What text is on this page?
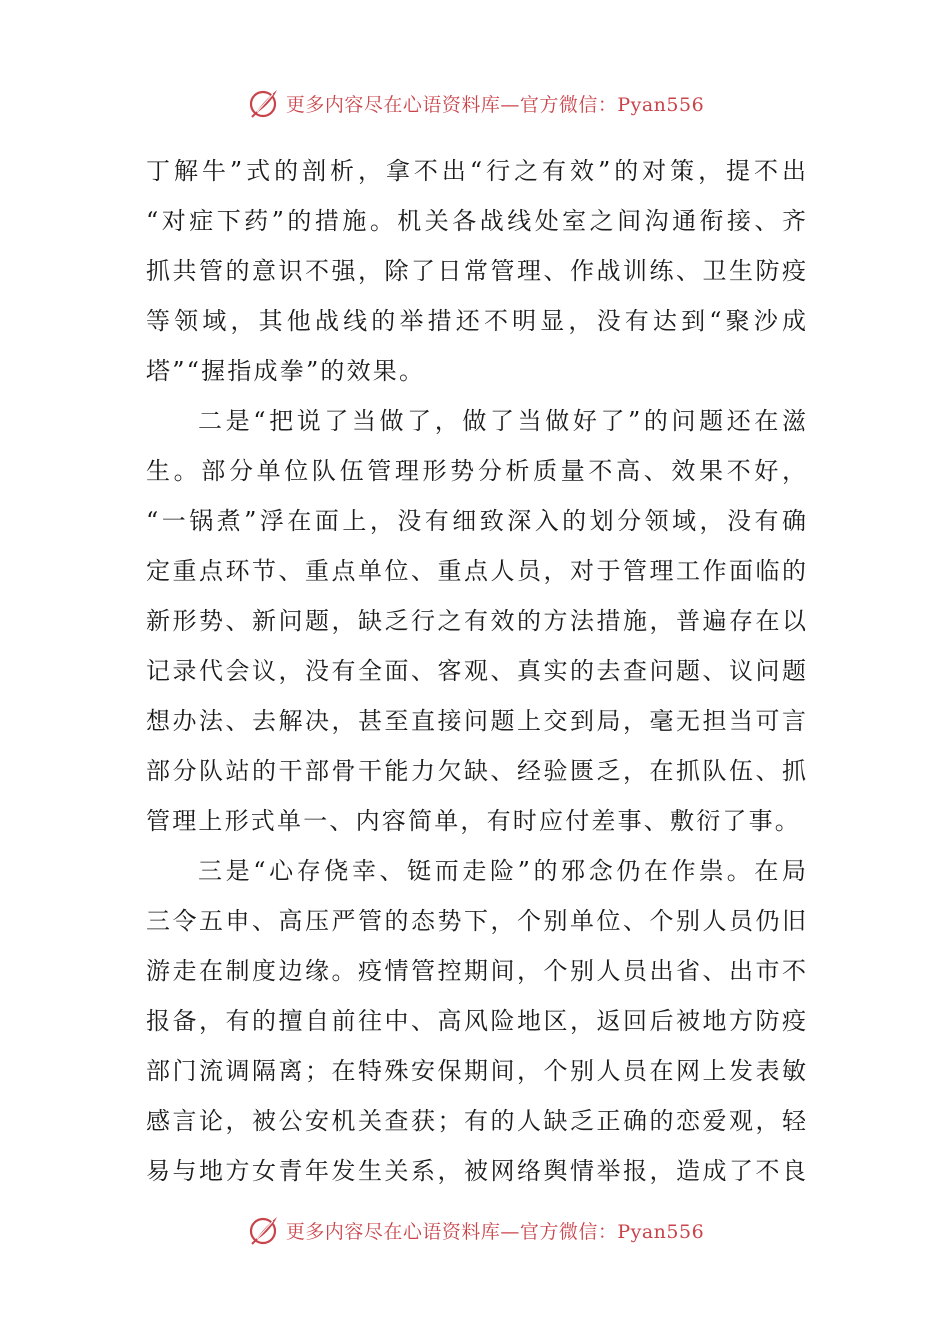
更多内容尽在心语资料库—官方微信：Pyan556
丁解牛”式的剖析，拿不出“行之有效”的对策，提不出
“对症下药”的措施。机关各战线处室之间沟通衔接、齐
抓共管的意识不强，除了日常管理、作战训练、卫生防疫
等领域，其他战线的举措还不明显，没有达到“聚沙成
塔”“握指成拳”的效果。
二是“把说了当做了，做了当做好了”的问题还在滋
生。部分单位队伍管理形势分析质量不高、效果不好，
“一锅煮”浮在面上，没有细致深入的划分领域，没有确
定重点环节、重点单位、重点人员，对于管理工作面临的
新形势、新问题，缺乏行之有效的方法措施，普遍存在以
记录代会议，没有全面、客观、真实的去查问题、议问题
想办法、去解决，甚至直接问题上交到局，毫无担当可言
部分队站的干部骨干能力欠缺、经验匮乏，在抓队伍、抓
管理上形式单一、内容简单，有时应付差事、敷衍了事。
三是“心存侥幸、铤而走险”的邪念仍在作祟。在局
三令五申、高压严管的态势下，个别单位、个别人员仍旧
游走在制度边缘。疫情管控期间，个别人员出省、出市不
报备，有的擅自前往中、高风险地区，返回后被地方防疫
部门流调隔离；在特殊安保期间，个别人员在网上发表敏
感言论，被公安机关查获；有的人缺乏正确的恋爱观，轻
易与地方女青年发生关系，被网络舆情举报，造成了不良
更多内容尽在心语资料库—官方微信：Pyan556
